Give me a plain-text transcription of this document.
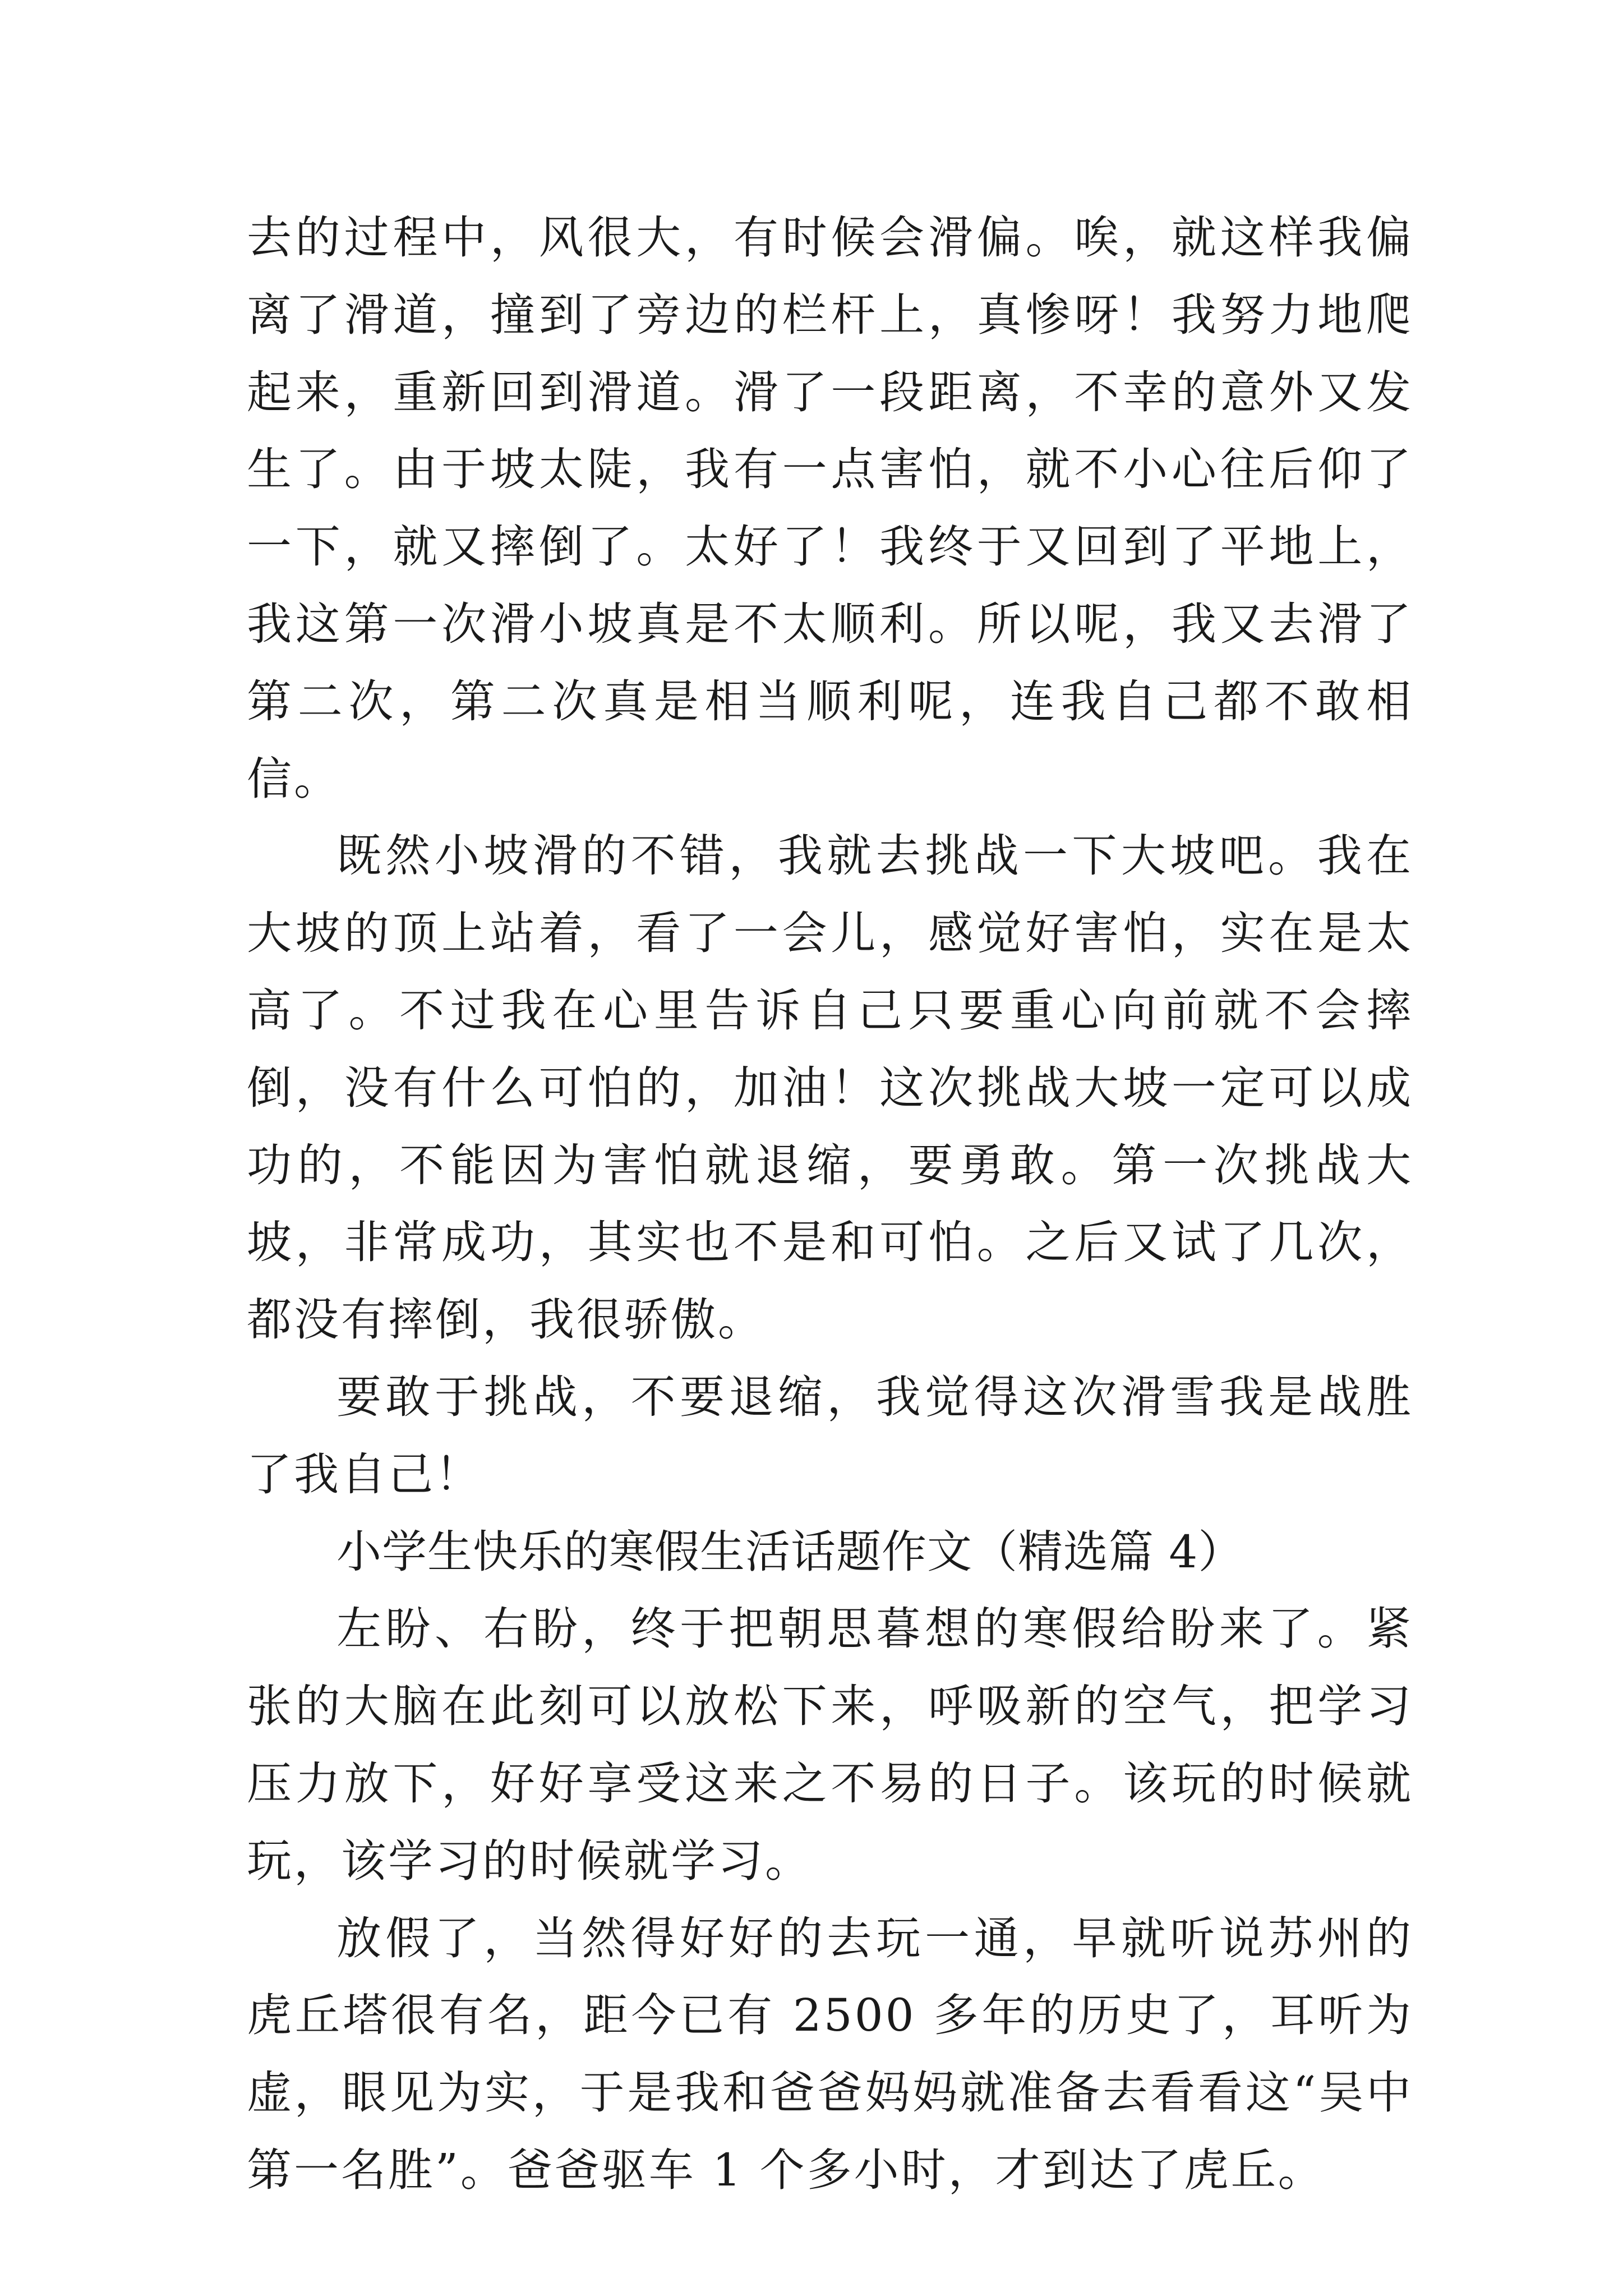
去的过程中，风很大，有时候会滑偏。唉，就这样我偏离了滑道，撞到了旁边的栏杆上，真惨呀！我努力地爬起来，重新回到滑道。滑了一段距离，不幸的意外又发生了。由于坡太陡，我有一点害怕，就不小心往后仰了一下，就又摔倒了。太好了！我终于又回到了平地上，我这第一次滑小坡真是不太顺利。所以呢，我又去滑了第二次，第二次真是相当顺利呢，连我自己都不敢相信。

既然小坡滑的不错，我就去挑战一下大坡吧。我在大坡的顶上站着，看了一会儿，感觉好害怕，实在是太高了。不过我在心里告诉自己只要重心向前就不会摔倒，没有什么可怕的，加油！这次挑战大坡一定可以成功的，不能因为害怕就退缩，要勇敢。第一次挑战大坡，非常成功，其实也不是和可怕。之后又试了几次，都没有摔倒，我很骄傲。

要敢于挑战，不要退缩，我觉得这次滑雪我是战胜了我自己！

小学生快乐的寒假生活话题作文（精选篇 4）

左盼、右盼，终于把朝思暮想的寒假给盼来了。紧张的大脑在此刻可以放松下来，呼吸新的空气，把学习压力放下，好好享受这来之不易的日子。该玩的时候就玩，该学习的时候就学习。

放假了，当然得好好的去玩一通，早就听说苏州的虎丘塔很有名，距今已有 2500 多年的历史了，耳听为虚，眼见为实，于是我和爸爸妈妈就准备去看看这“吴中第一名胜”。爸爸驱车 1 个多小时，才到达了虎丘。
